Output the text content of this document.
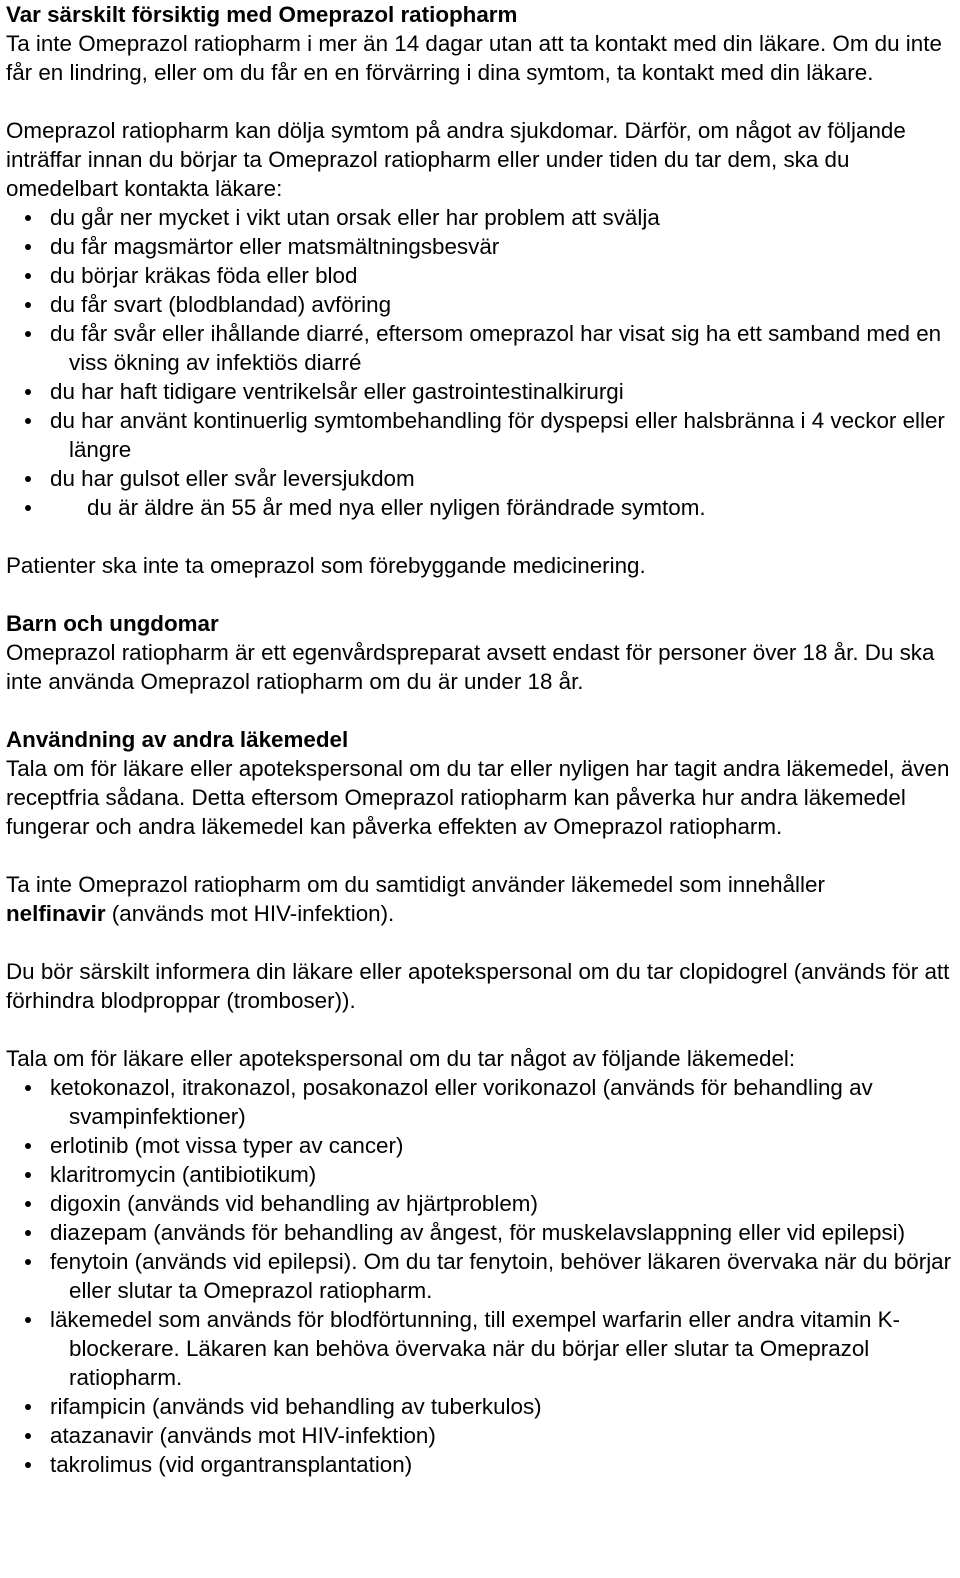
Var särskilt försiktig med Omeprazol ratiopharm

Ta inte Omeprazol ratiopharm i mer än 14 dagar utan att ta kontakt med din läkare. Om du inte får en lindring, eller om du får en en förvärring i dina symtom, ta kontakt med din läkare.

Omeprazol ratiopharm kan dölja symtom på andra sjukdomar. Därför, om något av följande inträffar innan du börjar ta Omeprazol ratiopharm eller under tiden du tar dem, ska du omedelbart kontakta läkare:

du går ner mycket i vikt utan orsak eller har problem att svälja
du får magsmärtor eller matsmältningsbesvär
du börjar kräkas föda eller blod
du får svart (blodblandad) avföring
du får svår eller ihållande diarré, eftersom omeprazol har visat sig ha ett samband med en viss ökning av infektiös diarré
du har haft tidigare ventrikelsår eller gastrointestinalkirurgi
du har använt kontinuerlig symtombehandling för dyspepsi eller halsbränna i 4 veckor eller längre
du har gulsot eller svår leversjukdom
du är äldre än 55 år med nya eller nyligen förändrade symtom.

Patienter ska inte ta omeprazol som förebyggande medicinering.

Barn och ungdomar

Omeprazol ratiopharm är ett egenvårdspreparat avsett endast för personer över 18 år. Du ska inte använda Omeprazol ratiopharm om du är under 18 år.

Användning av andra läkemedel

Tala om för läkare eller apotekspersonal om du tar eller nyligen har tagit andra läkemedel, även receptfria sådana. Detta eftersom Omeprazol ratiopharm kan påverka hur andra läkemedel fungerar och andra läkemedel kan påverka effekten av Omeprazol ratiopharm.

Ta inte Omeprazol ratiopharm om du samtidigt använder läkemedel som innehåller
nelfinavir (används mot HIV-infektion).

Du bör särskilt informera din läkare eller apotekspersonal om du tar clopidogrel (används för att förhindra blodproppar (tromboser)).

Tala om för läkare eller apotekspersonal om du tar något av följande läkemedel:

ketokonazol, itrakonazol, posakonazol eller vorikonazol (används för behandling av svampinfektioner)
erlotinib (mot vissa typer av cancer)
klaritromycin (antibiotikum)
digoxin (används vid behandling av hjärtproblem)
diazepam (används för behandling av ångest, för muskelavslappning eller vid epilepsi)
fenytoin (används vid epilepsi). Om du tar fenytoin, behöver läkaren övervaka när du börjar eller slutar ta Omeprazol ratiopharm.
läkemedel som används för blodförtunning, till exempel warfarin eller andra vitamin K-blockerare. Läkaren kan behöva övervaka när du börjar eller slutar ta Omeprazol ratiopharm.
rifampicin (används vid behandling av tuberkulos)
atazanavir (används mot HIV-infektion)
takrolimus (vid organtransplantation)
